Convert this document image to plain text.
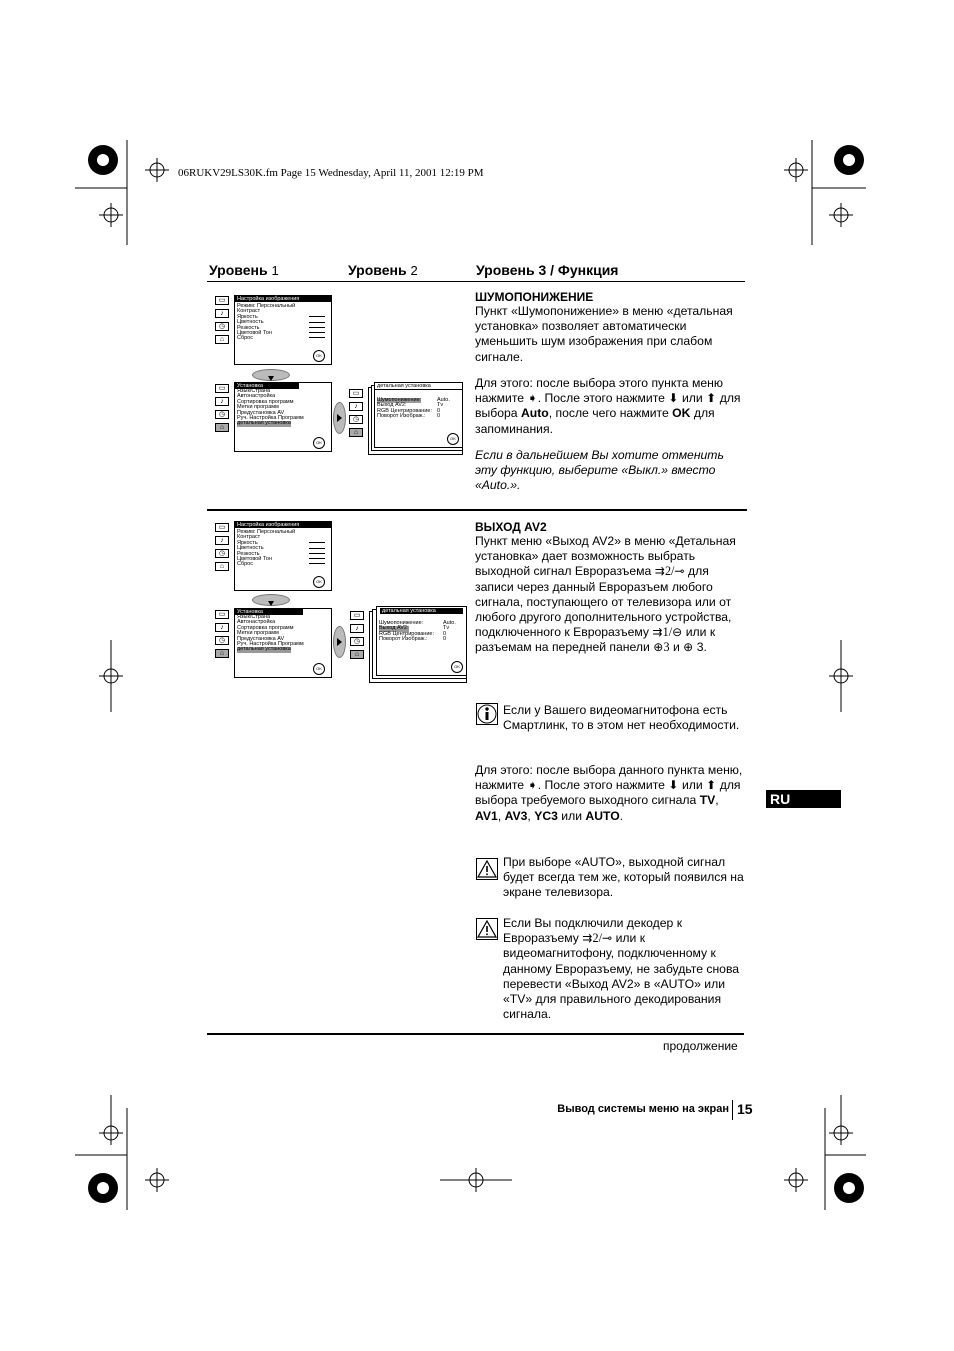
06RUKV29LS30K.fm Page 15 Wednesday, April 11, 2001 12:19 PM
Уровень 1	Уровень 2	Уровень 3 / Функция
▭
♪
◷
⌂
Настройка изображения
Режим: Персональный
Контраст
Яркость
Цветность
Резкость
Цветовой Тон
Сброс
OK
▭
♪
◷
⌂
Установка
Язык/Страна
Автонастройка
Сортировка программ
Метки программ
Предустановка AV
Руч. Настройка Программ
детальная установка
OK
▭
♪
◷
⌂
детальная установка
Шумопонижение:	Auto.
Выход AV2:	Tv
RGB Центрирование: 0
Поворот Изображ.: 0
OK
ШУМОПОНИЖЕНИЕ
Пункт «Шумопонижение» в меню «детальная установка» позволяет автоматически уменьшить шум изображения при слабом сигнале.
Для этого: после выбора этого пункта меню нажмите ➧. После этого нажмите ⬇ или ⬆ для выбора Auto, после чего нажмите OK для запоминания.
Если в дальнейшем Вы хотите отменить эту функцию, выберите «Выкл.» вместо «Auto.».
▭
♪
◷
⌂
Настройка изображения
Режим: Персональный
Контраст
Яркость
Цветность
Резкость
Цветовой Тон
Сброс
OK
▭
♪
◷
⌂
Установка
Язык/Страна
Автонастройка
Сортировка программ
Метки программ
Предустановка AV
Руч. Настройка Программ
детальная установка
OK
▭
♪
◷
⌂
детальная установка
Шумопонижение:	Auto.
Выход AV2:	Tv
RGB Центрирование: 0
Поворот Изображ.:	0
OK
ВЫХОД AV2
Пункт меню «Выход AV2» в меню «Детальная установка» дает возможность выбрать выходной сигнал Евроразъема ⇉2/⊸ для записи через данный Евроразъем любого сигнала, поступающего от телевизора или от любого другого дополнительного устройства, подключенного к Евроразъему ⇉1/⊖ или к разъемам на передней панели ⊕3 и ⊕ 3.
Если у Вашего видеомагнитофона есть Смартлинк, то в этом нет необходимости.
Для этого: после выбора данного пункта меню, нажмите ➧. После этого нажмите ⬇ или ⬆ для выбора требуемого выходного сигнала TV, AV1, AV3, YC3 или AUTO.
При выборе «AUTO», выходной сигнал будет всегда тем же, который появился на экране телевизора.
Если Вы подключили декодер к Евроразъему ⇉2/⊸ или к видеомагнитофону, подключенному к данному Евроразъему, не забудьте снова перевести «Выход AV2» в «AUTO» или «TV» для правильного декодирования сигнала.
продолжение
RU
Вывод системы меню на экран 15
